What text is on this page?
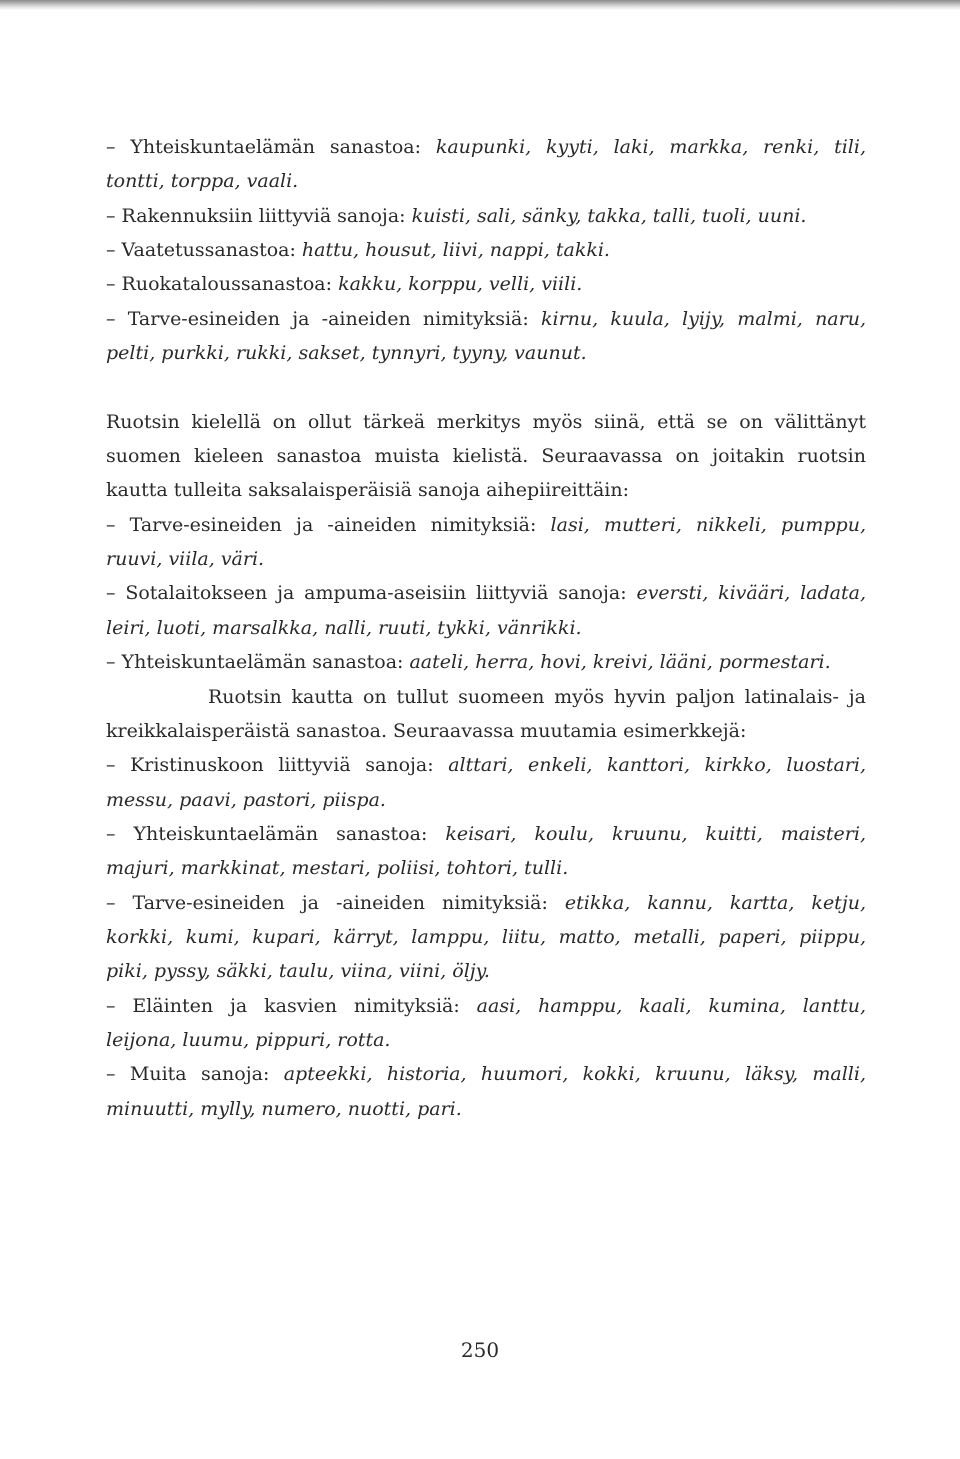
– Yhteiskuntaelämän sanastoa: kaupunki, kyyti, laki, markka, renki, tili,
tontti, torppa, vaali.
– Rakennuksiin liittyviä sanoja: kuisti, sali, sänky, takka, talli, tuoli, uuni.
– Vaatetussanastoa: hattu, housut, liivi, nappi, takki.
– Ruokataloussanastoa: kakku, korppu, velli, viili.
– Tarve-esineiden ja -aineiden nimityksiä: kirnu, kuula, lyijy, malmi, naru,
pelti, purkki, rukki, sakset, tynnyri, tyyny, vaunut.
Ruotsin kielellä on ollut tärkeä merkitys myös siinä, että se on välittänyt
suomen kieleen sanastoa muista kielistä. Seuraavassa on joitakin ruotsin
kautta tulleita saksalaisperäisiä sanoja aihepiireittäin:
– Tarve-esineiden ja -aineiden nimityksiä: lasi, mutteri, nikkeli, pumppu,
ruuvi, viila, väri.
– Sotalaitokseen ja ampuma-aseisiin liittyviä sanoja: eversti, kivääri, ladata,
leiri, luoti, marsalkka, nalli, ruuti, tykki, vänrikki.
– Yhteiskuntaelämän sanastoa: aateli, herra, hovi, kreivi, lääni, pormestari.
Ruotsin kautta on tullut suomeen myös hyvin paljon latinalais- ja
kreikkalaisperäistä sanastoa. Seuraavassa muutamia esimerkkejä:
– Kristinuskoon liittyviä sanoja: alttari, enkeli, kanttori, kirkko, luostari,
messu, paavi, pastori, piispa.
– Yhteiskuntaelämän sanastoa: keisari, koulu, kruunu, kuitti, maisteri,
majuri, markkinat, mestari, poliisi, tohtori, tulli.
– Tarve-esineiden ja -aineiden nimityksiä: etikka, kannu, kartta, ketju,
korkki, kumi, kupari, kärryt, lamppu, liitu, matto, metalli, paperi, piippu,
piki, pyssy, säkki, taulu, viina, viini, öljy.
– Eläinten ja kasvien nimityksiä: aasi, hamppu, kaali, kumina, lanttu,
leijona, luumu, pippuri, rotta.
– Muita sanoja: apteekki, historia, huumori, kokki, kruunu, läksy, malli,
minuutti, mylly, numero, nuotti, pari.
250
